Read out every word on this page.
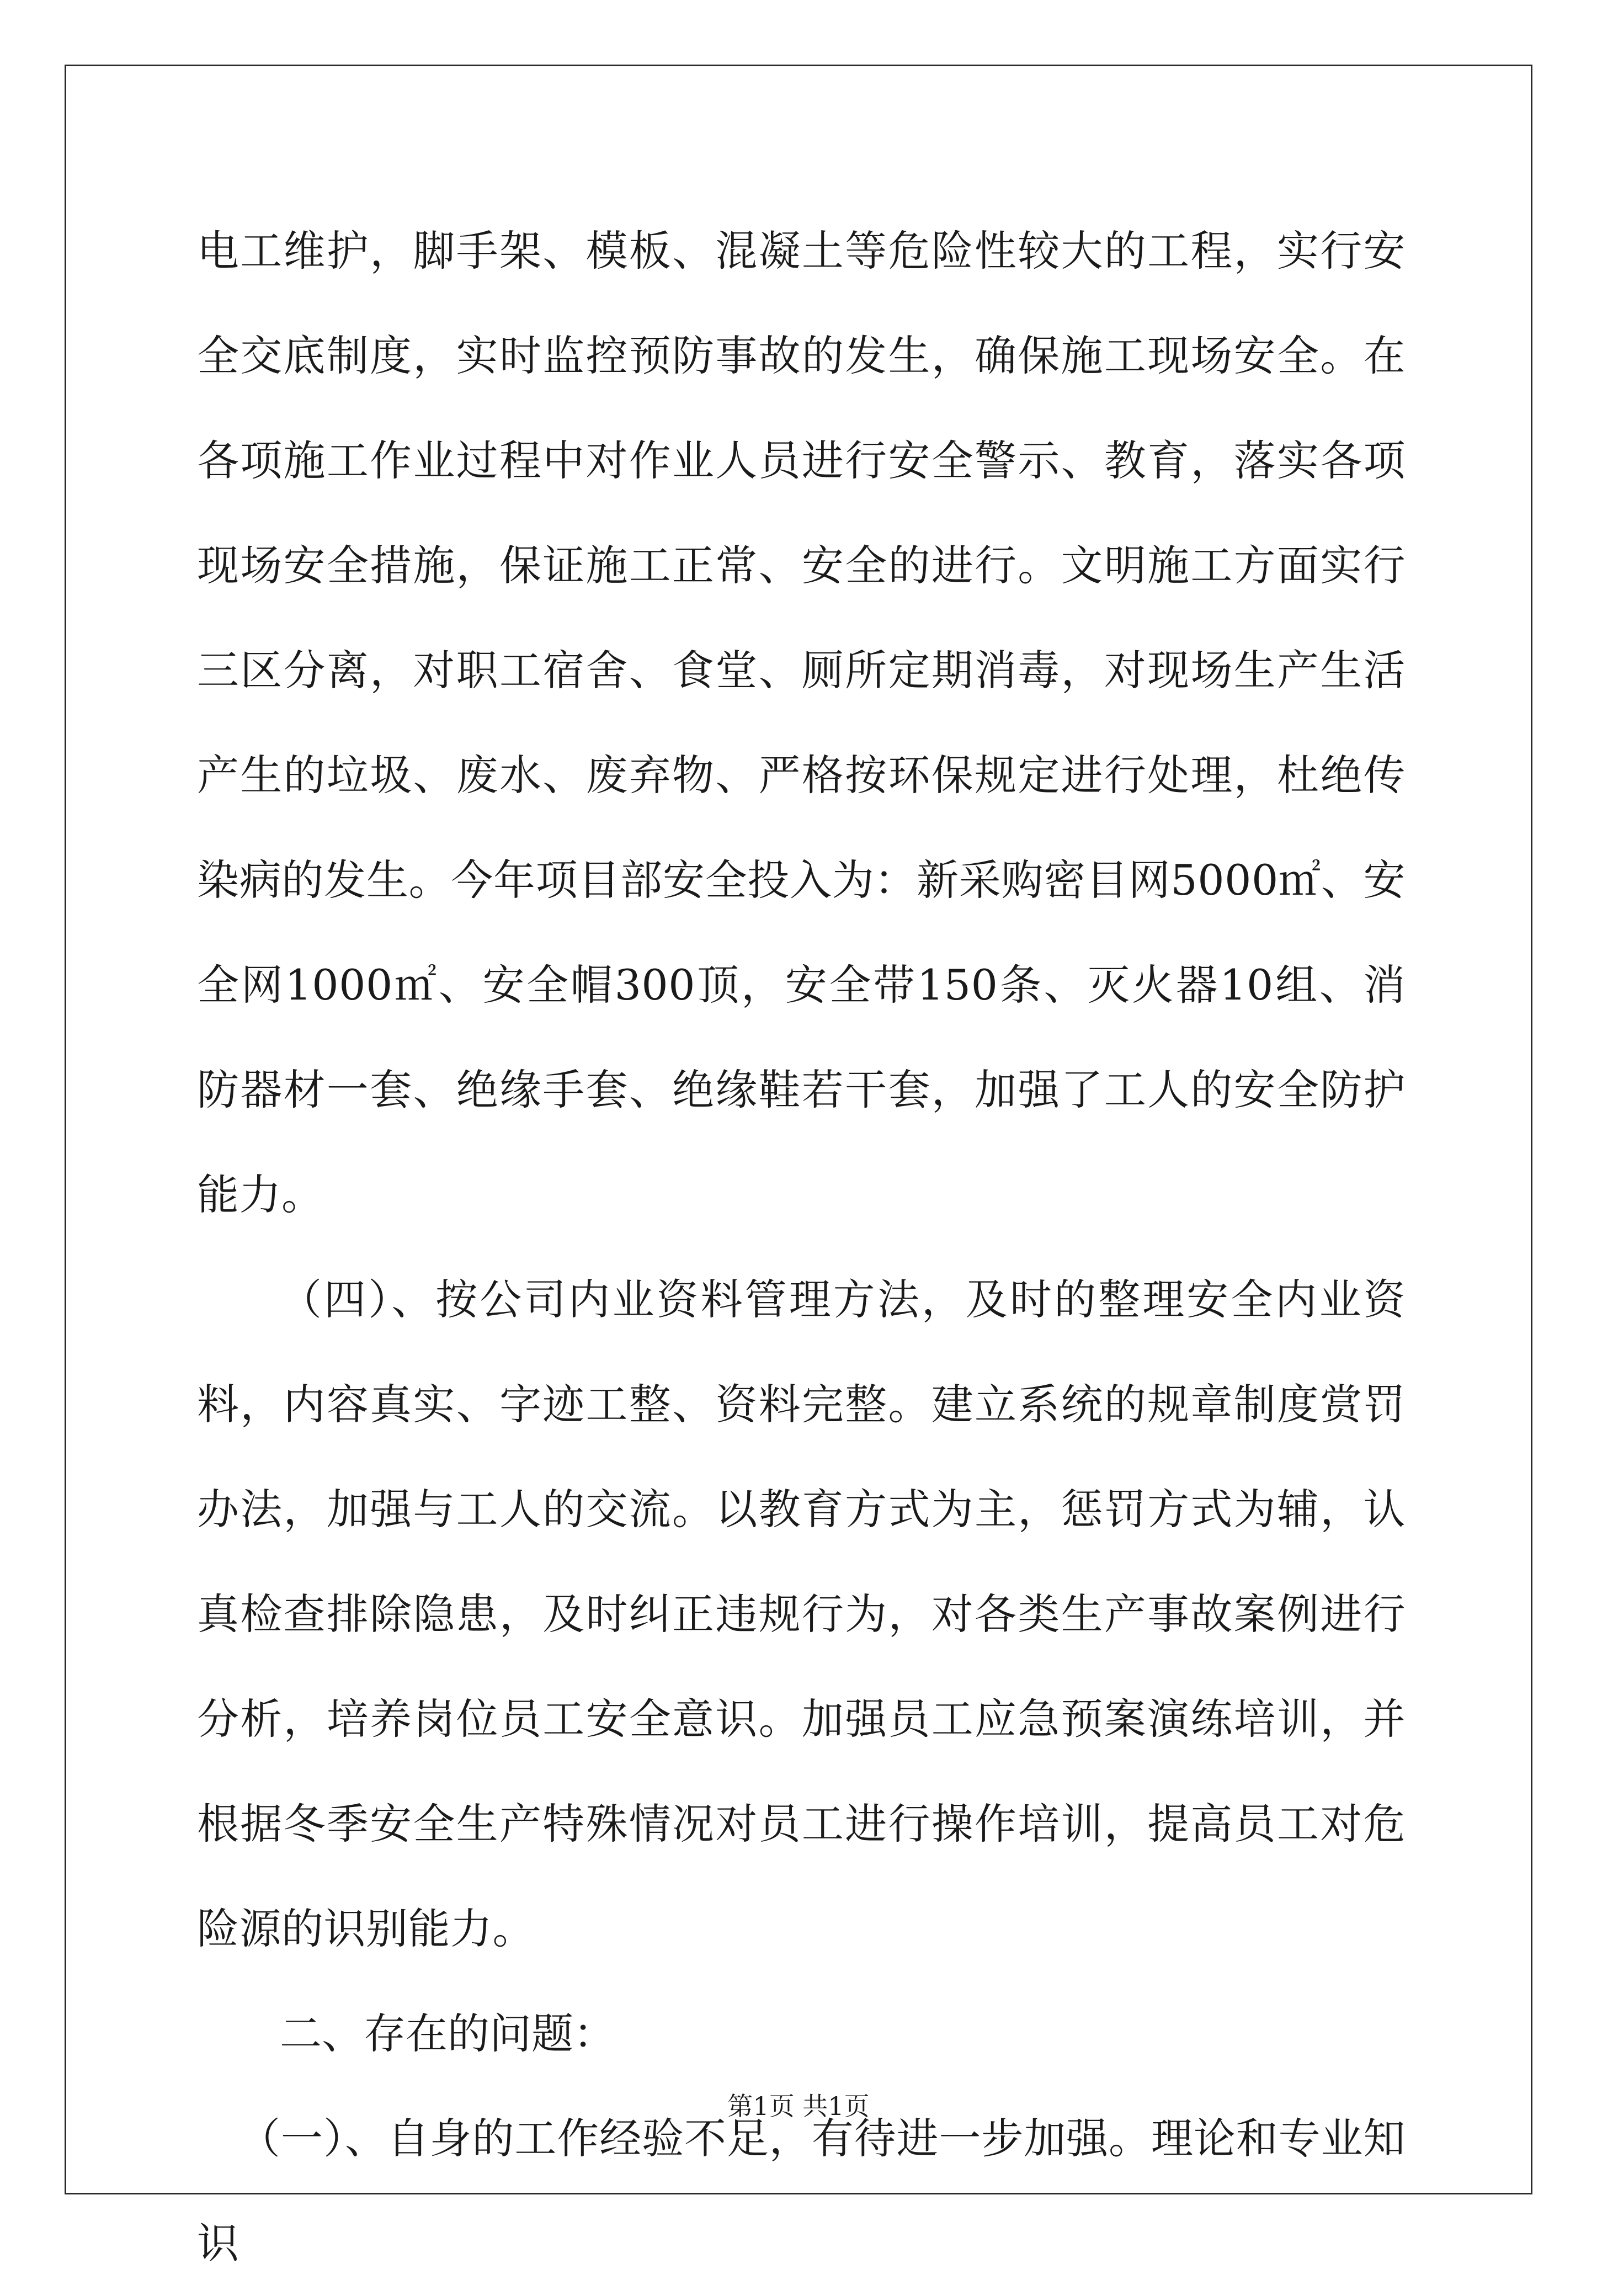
电工维护，脚手架、模板、混凝土等危险性较大的工程，实行安全交底制度，实时监控预防事故的发生，确保施工现场安全。在各项施工作业过程中对作业人员进行安全警示、教育，落实各项现场安全措施，保证施工正常、安全的进行。文明施工方面实行三区分离，对职工宿舍、食堂、厕所定期消毒，对现场生产生活产生的垃圾、废水、废弃物、严格按环保规定进行处理，杜绝传染病的发生。今年项目部安全投入为：新采购密目网5000㎡、安全网1000㎡、安全帽300顶，安全带150条、灭火器10组、消防器材一套、绝缘手套、绝缘鞋若干套，加强了工人的安全防护能力。

（四）、按公司内业资料管理方法，及时的整理安全内业资料，内容真实、字迹工整、资料完整。建立系统的规章制度赏罚办法，加强与工人的交流。以教育方式为主，惩罚方式为辅，认真检查排除隐患，及时纠正违规行为，对各类生产事故案例进行分析，培养岗位员工安全意识。加强员工应急预案演练培训，并根据冬季安全生产特殊情况对员工进行操作培训，提高员工对危险源的识别能力。

二、存在的问题：

（一）、自身的工作经验不足，有待进一步加强。理论和专业知识

第1页 共1页
